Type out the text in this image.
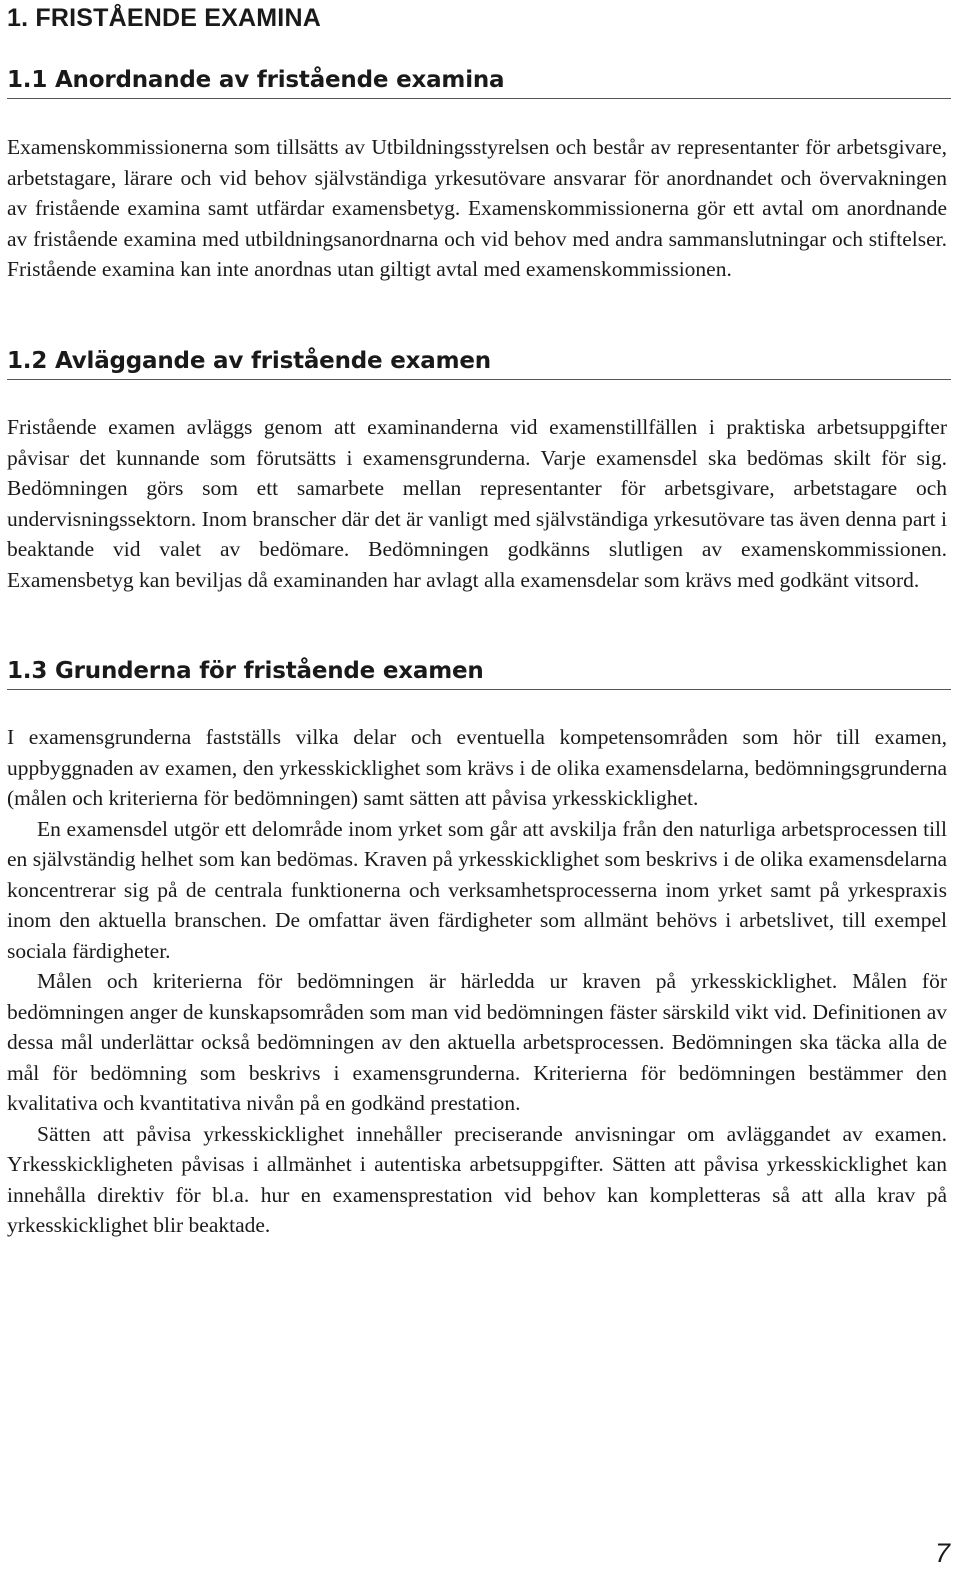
1. FRISTÅENDE EXAMINA
1.1 Anordnande av fristående examina

Examenskommissionerna som tillsätts av Utbildningsstyrelsen och består av representanter för arbetsgivare, arbetstagare, lärare och vid behov självständiga yrkesutövare ansvarar för anordnandet och övervakningen av fristående examina samt utfärdar examensbetyg. Examenskommissionerna gör ett avtal om anordnande av fristående examina med utbildningsanordnarna och vid behov med andra sammanslutningar och stiftelser. Fristående examina kan inte anordnas utan giltigt avtal med examenskommissionen.

1.2 Avläggande av fristående examen

Fristående examen avläggs genom att examinanderna vid examenstillfällen i praktiska arbetsuppgifter påvisar det kunnande som förutsätts i examensgrunderna. Varje examensdel ska bedömas skilt för sig. Bedömningen görs som ett samarbete mellan representanter för arbetsgivare, arbetstagare och undervisningssektorn. Inom branscher där det är vanligt med självständiga yrkesutövare tas även denna part i beaktande vid valet av bedömare. Bedömningen godkänns slutligen av examenskommissionen. Examensbetyg kan beviljas då examinanden har avlagt alla examensdelar som krävs med godkänt vitsord.

1.3 Grunderna för fristående examen

I examensgrunderna fastställs vilka delar och eventuella kompetensområden som hör till examen, uppbyggnaden av examen, den yrkesskicklighet som krävs i de olika examensdelarna, bedömningsgrunderna (målen och kriterierna för bedömningen) samt sätten att påvisa yrkesskicklighet.

En examensdel utgör ett delområde inom yrket som går att avskilja från den naturliga arbetsprocessen till en självständig helhet som kan bedömas. Kraven på yrkesskicklighet som beskrivs i de olika examensdelarna koncentrerar sig på de centrala funktionerna och verksamhetsprocesserna inom yrket samt på yrkespraxis inom den aktuella branschen. De omfattar även färdigheter som allmänt behövs i arbetslivet, till exempel sociala färdigheter.

Målen och kriterierna för bedömningen är härledda ur kraven på yrkesskicklighet. Målen för bedömningen anger de kunskapsområden som man vid bedömningen fäster särskild vikt vid. Definitionen av dessa mål underlättar också bedömningen av den aktuella arbetsprocessen. Bedömningen ska täcka alla de mål för bedömning som beskrivs i examensgrunderna. Kriterierna för bedömningen bestämmer den kvalitativa och kvantitativa nivån på en godkänd prestation.

Sätten att påvisa yrkesskicklighet innehåller preciserande anvisningar om avläggandet av examen. Yrkesskickligheten påvisas i allmänhet i autentiska arbetsuppgifter. Sätten att påvisa yrkesskicklighet kan innehålla direktiv för bl.a. hur en examensprestation vid behov kan kompletteras så att alla krav på yrkesskicklighet blir beaktade.

7
